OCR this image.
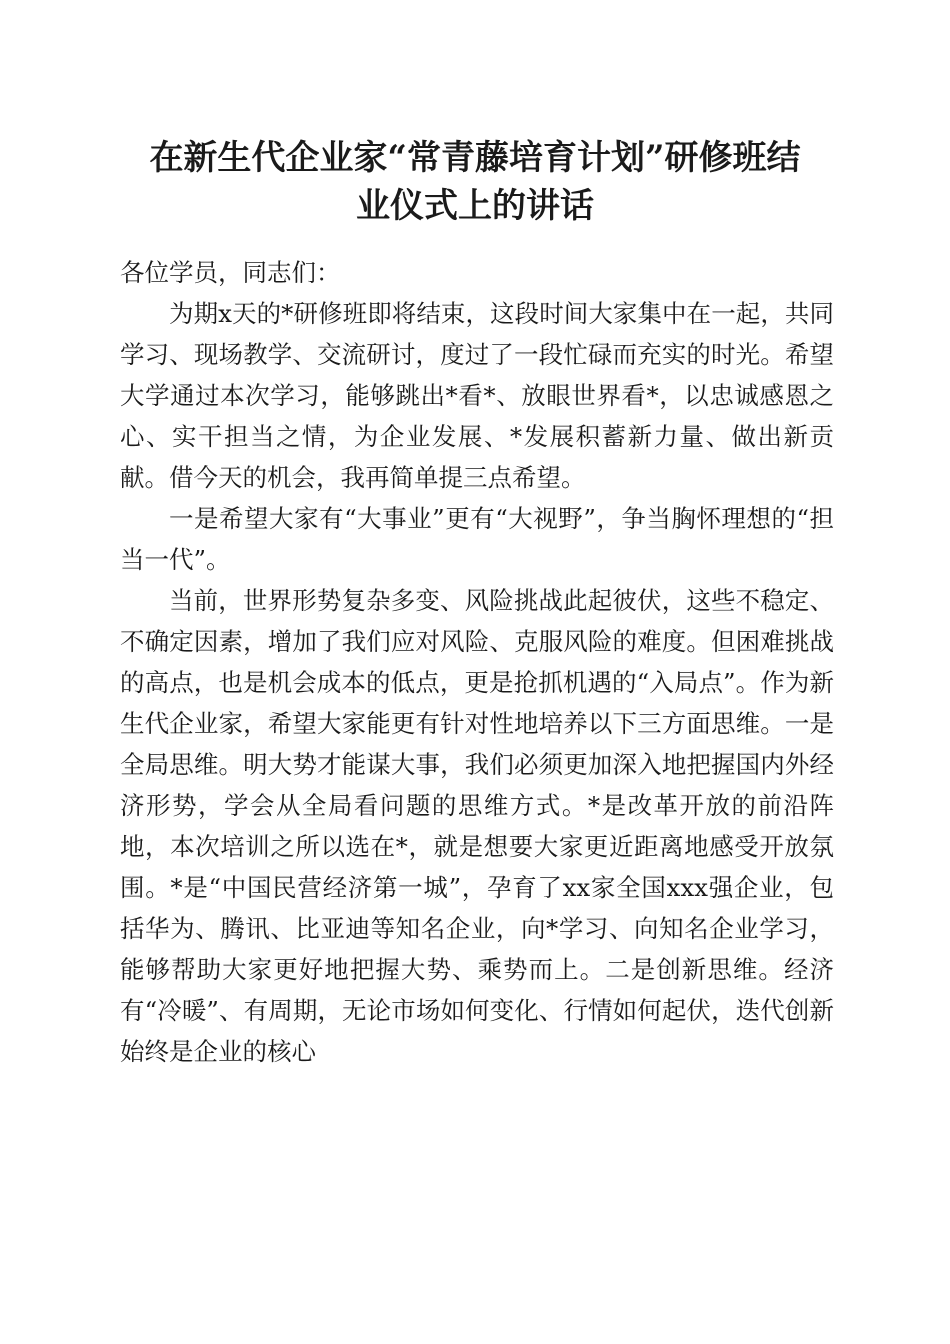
在新生代企业家“常青藤培育计划”研修班结
业仪式上的讲话

各位学员，同志们：

为期x天的*研修班即将结束，这段时间大家集中在一起，共同学习、现场教学、交流研讨，度过了一段忙碌而充实的时光。希望大学通过本次学习，能够跳出*看*、放眼世界看*，以忠诚感恩之心、实干担当之情，为企业发展、*发展积蓄新力量、做出新贡献。借今天的机会，我再简单提三点希望。

一是希望大家有“大事业”更有“大视野”，争当胸怀理想的“担当一代”。

当前，世界形势复杂多变、风险挑战此起彼伏，这些不稳定、不确定因素，增加了我们应对风险、克服风险的难度。但困难挑战的高点，也是机会成本的低点，更是抢抓机遇的“入局点”。作为新生代企业家，希望大家能更有针对性地培养以下三方面思维。一是全局思维。明大势才能谋大事，我们必须更加深入地把握国内外经济形势，学会从全局看问题的思维方式。*是改革开放的前沿阵地，本次培训之所以选在*，就是想要大家更近距离地感受开放氛围。*是“中国民营经济第一城”，孕育了xx家全国xxx强企业，包括华为、腾讯、比亚迪等知名企业，向*学习、向知名企业学习，能够帮助大家更好地把握大势、乘势而上。二是创新思维。经济有“冷暖”、有周期，无论市场如何变化、行情如何起伏，迭代创新始终是企业的核心
